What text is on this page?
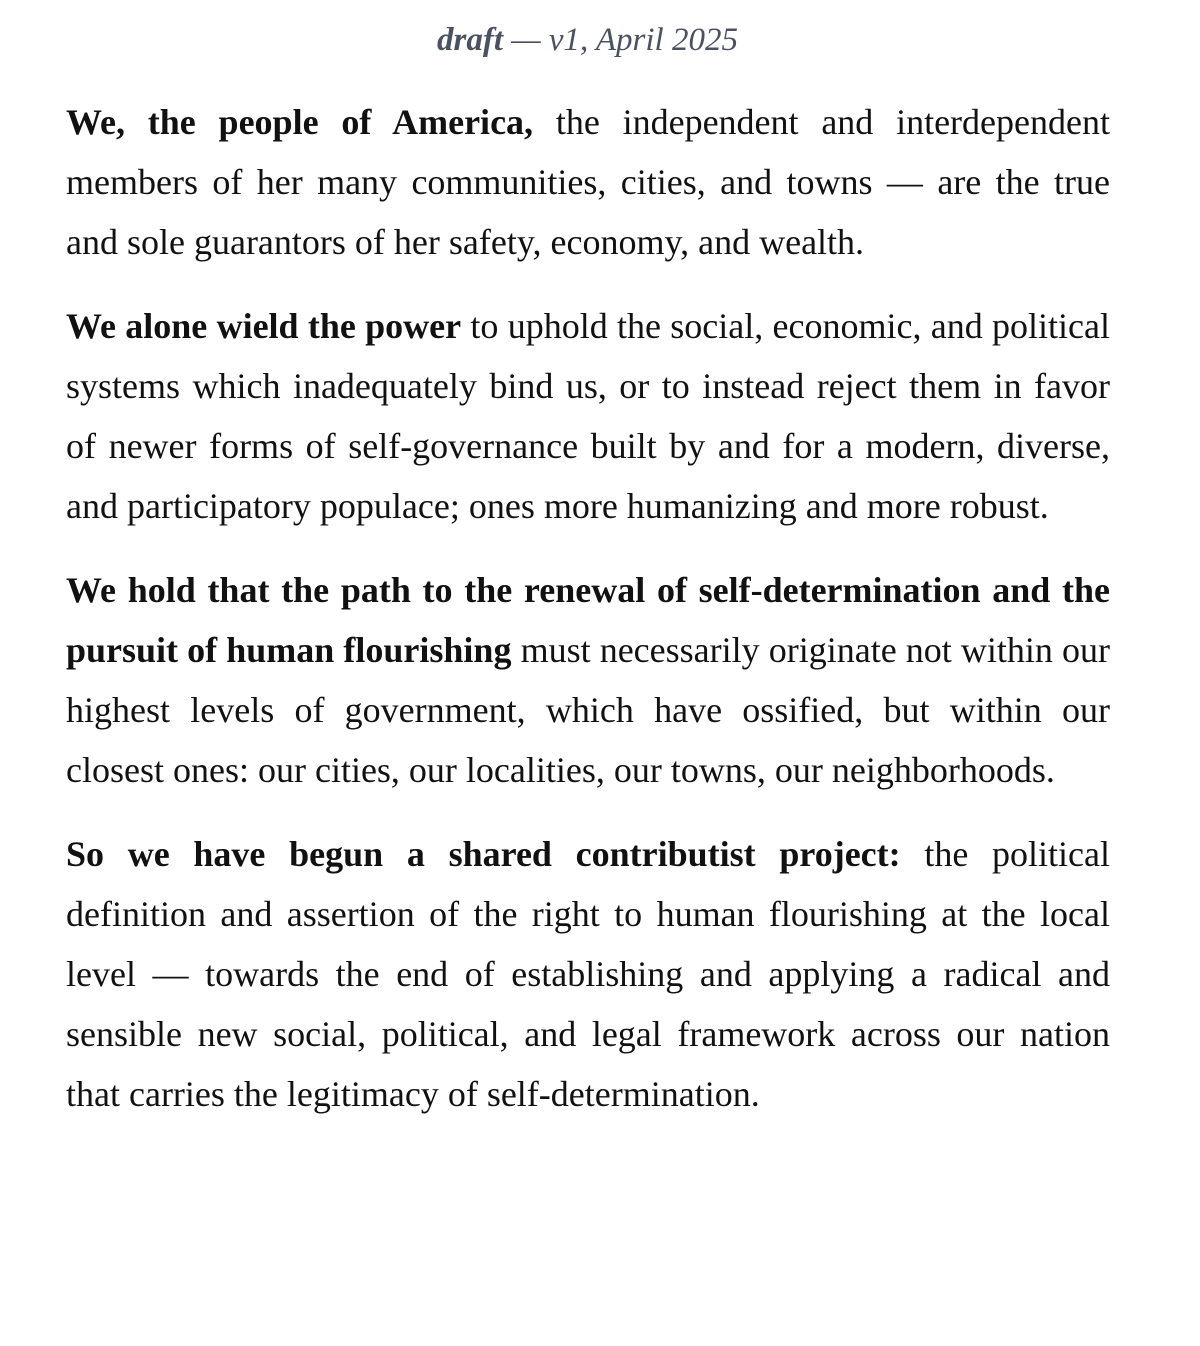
draft — v1, April 2025

We, the people of America, the independent and interdependent members of her many communities, cities, and towns — are the true and sole guarantors of her safety, economy, and wealth.

We alone wield the power to uphold the social, economic, and political systems which inadequately bind us, or to instead reject them in favor of newer forms of self-governance built by and for a modern, diverse, and participatory populace; ones more humanizing and more robust.

We hold that the path to the renewal of self-determination and the pursuit of human flourishing must necessarily originate not within our highest levels of government, which have ossified, but within our closest ones: our cities, our localities, our towns, our neighborhoods.

So we have begun a shared contributist project: the political definition and assertion of the right to human flourishing at the local level — towards the end of establishing and applying a radical and sensible new social, political, and legal framework across our nation that carries the legitimacy of self-determination.
